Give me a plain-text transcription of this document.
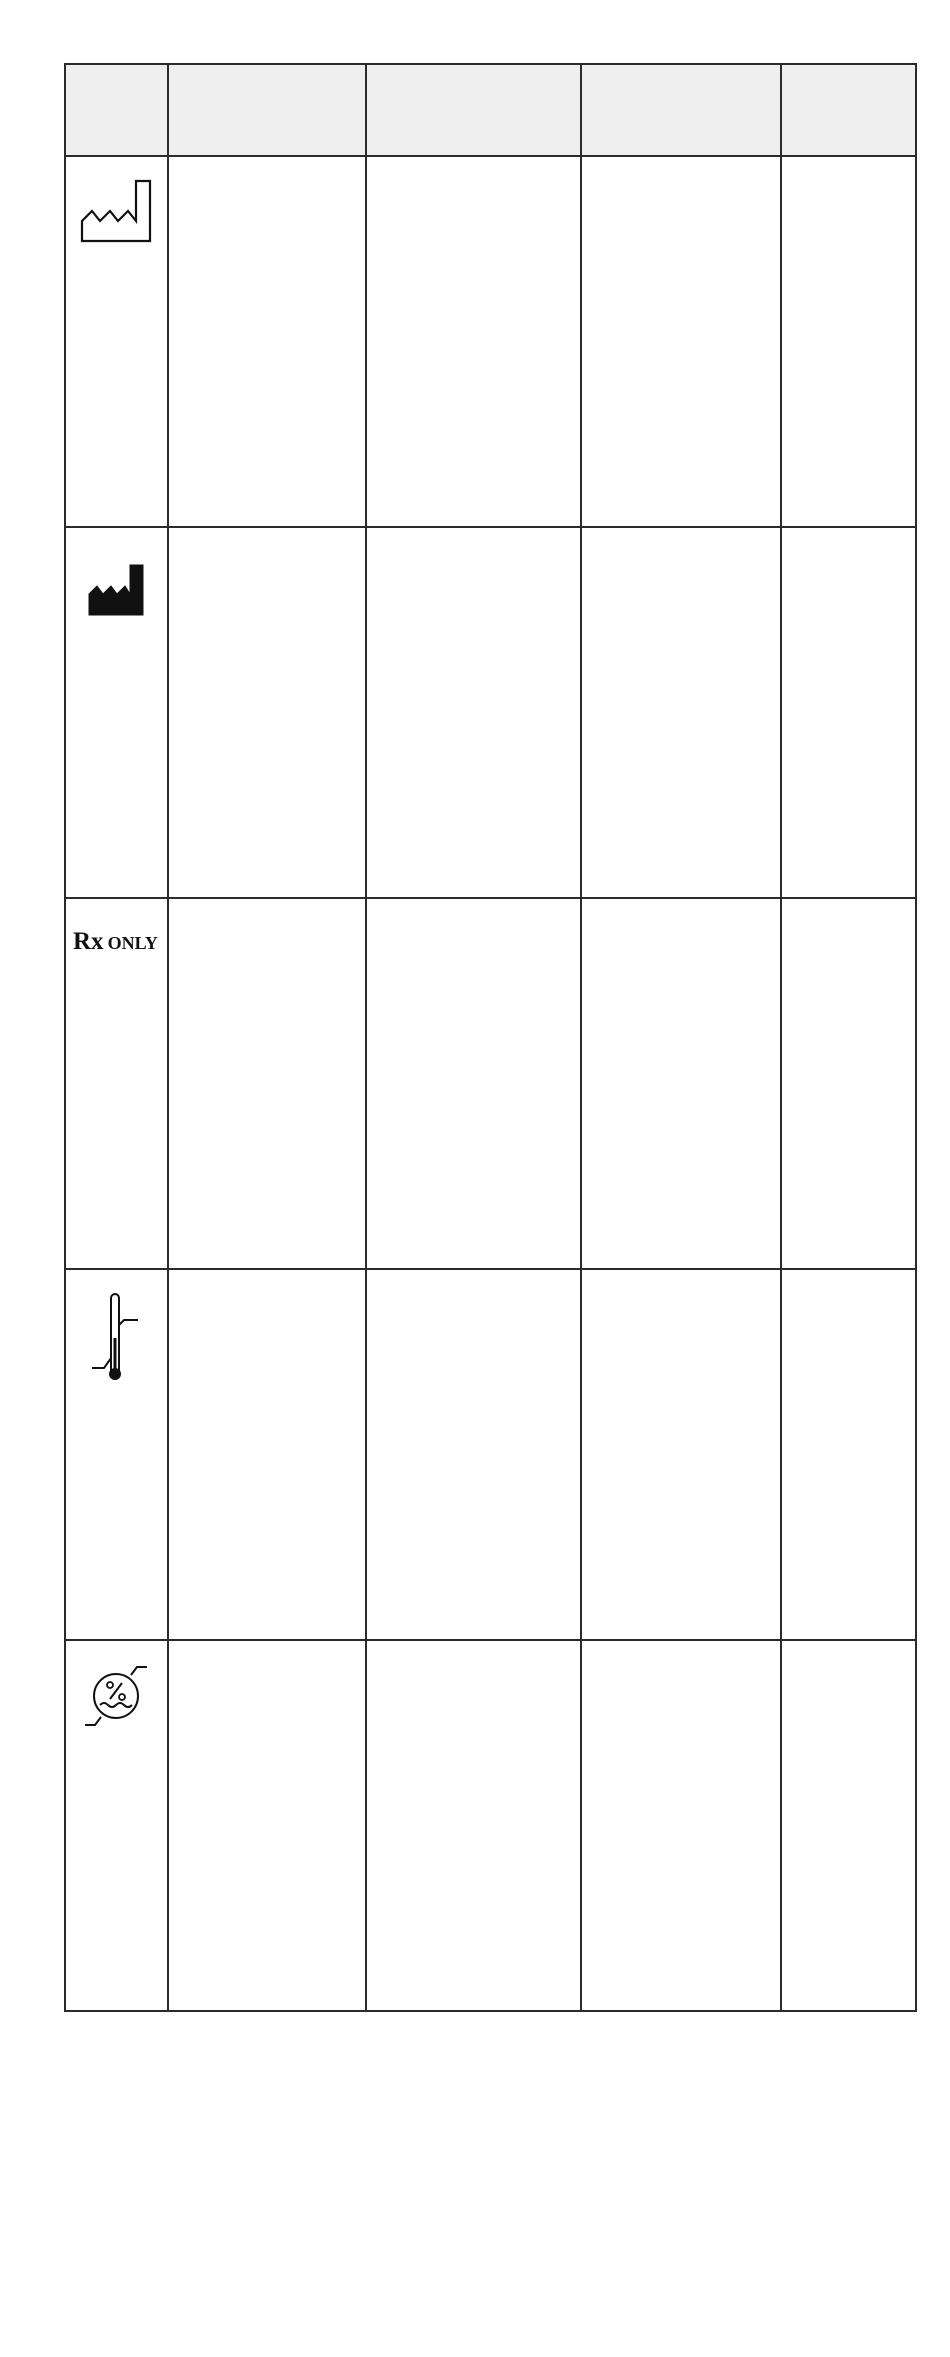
Rx ONLY				
